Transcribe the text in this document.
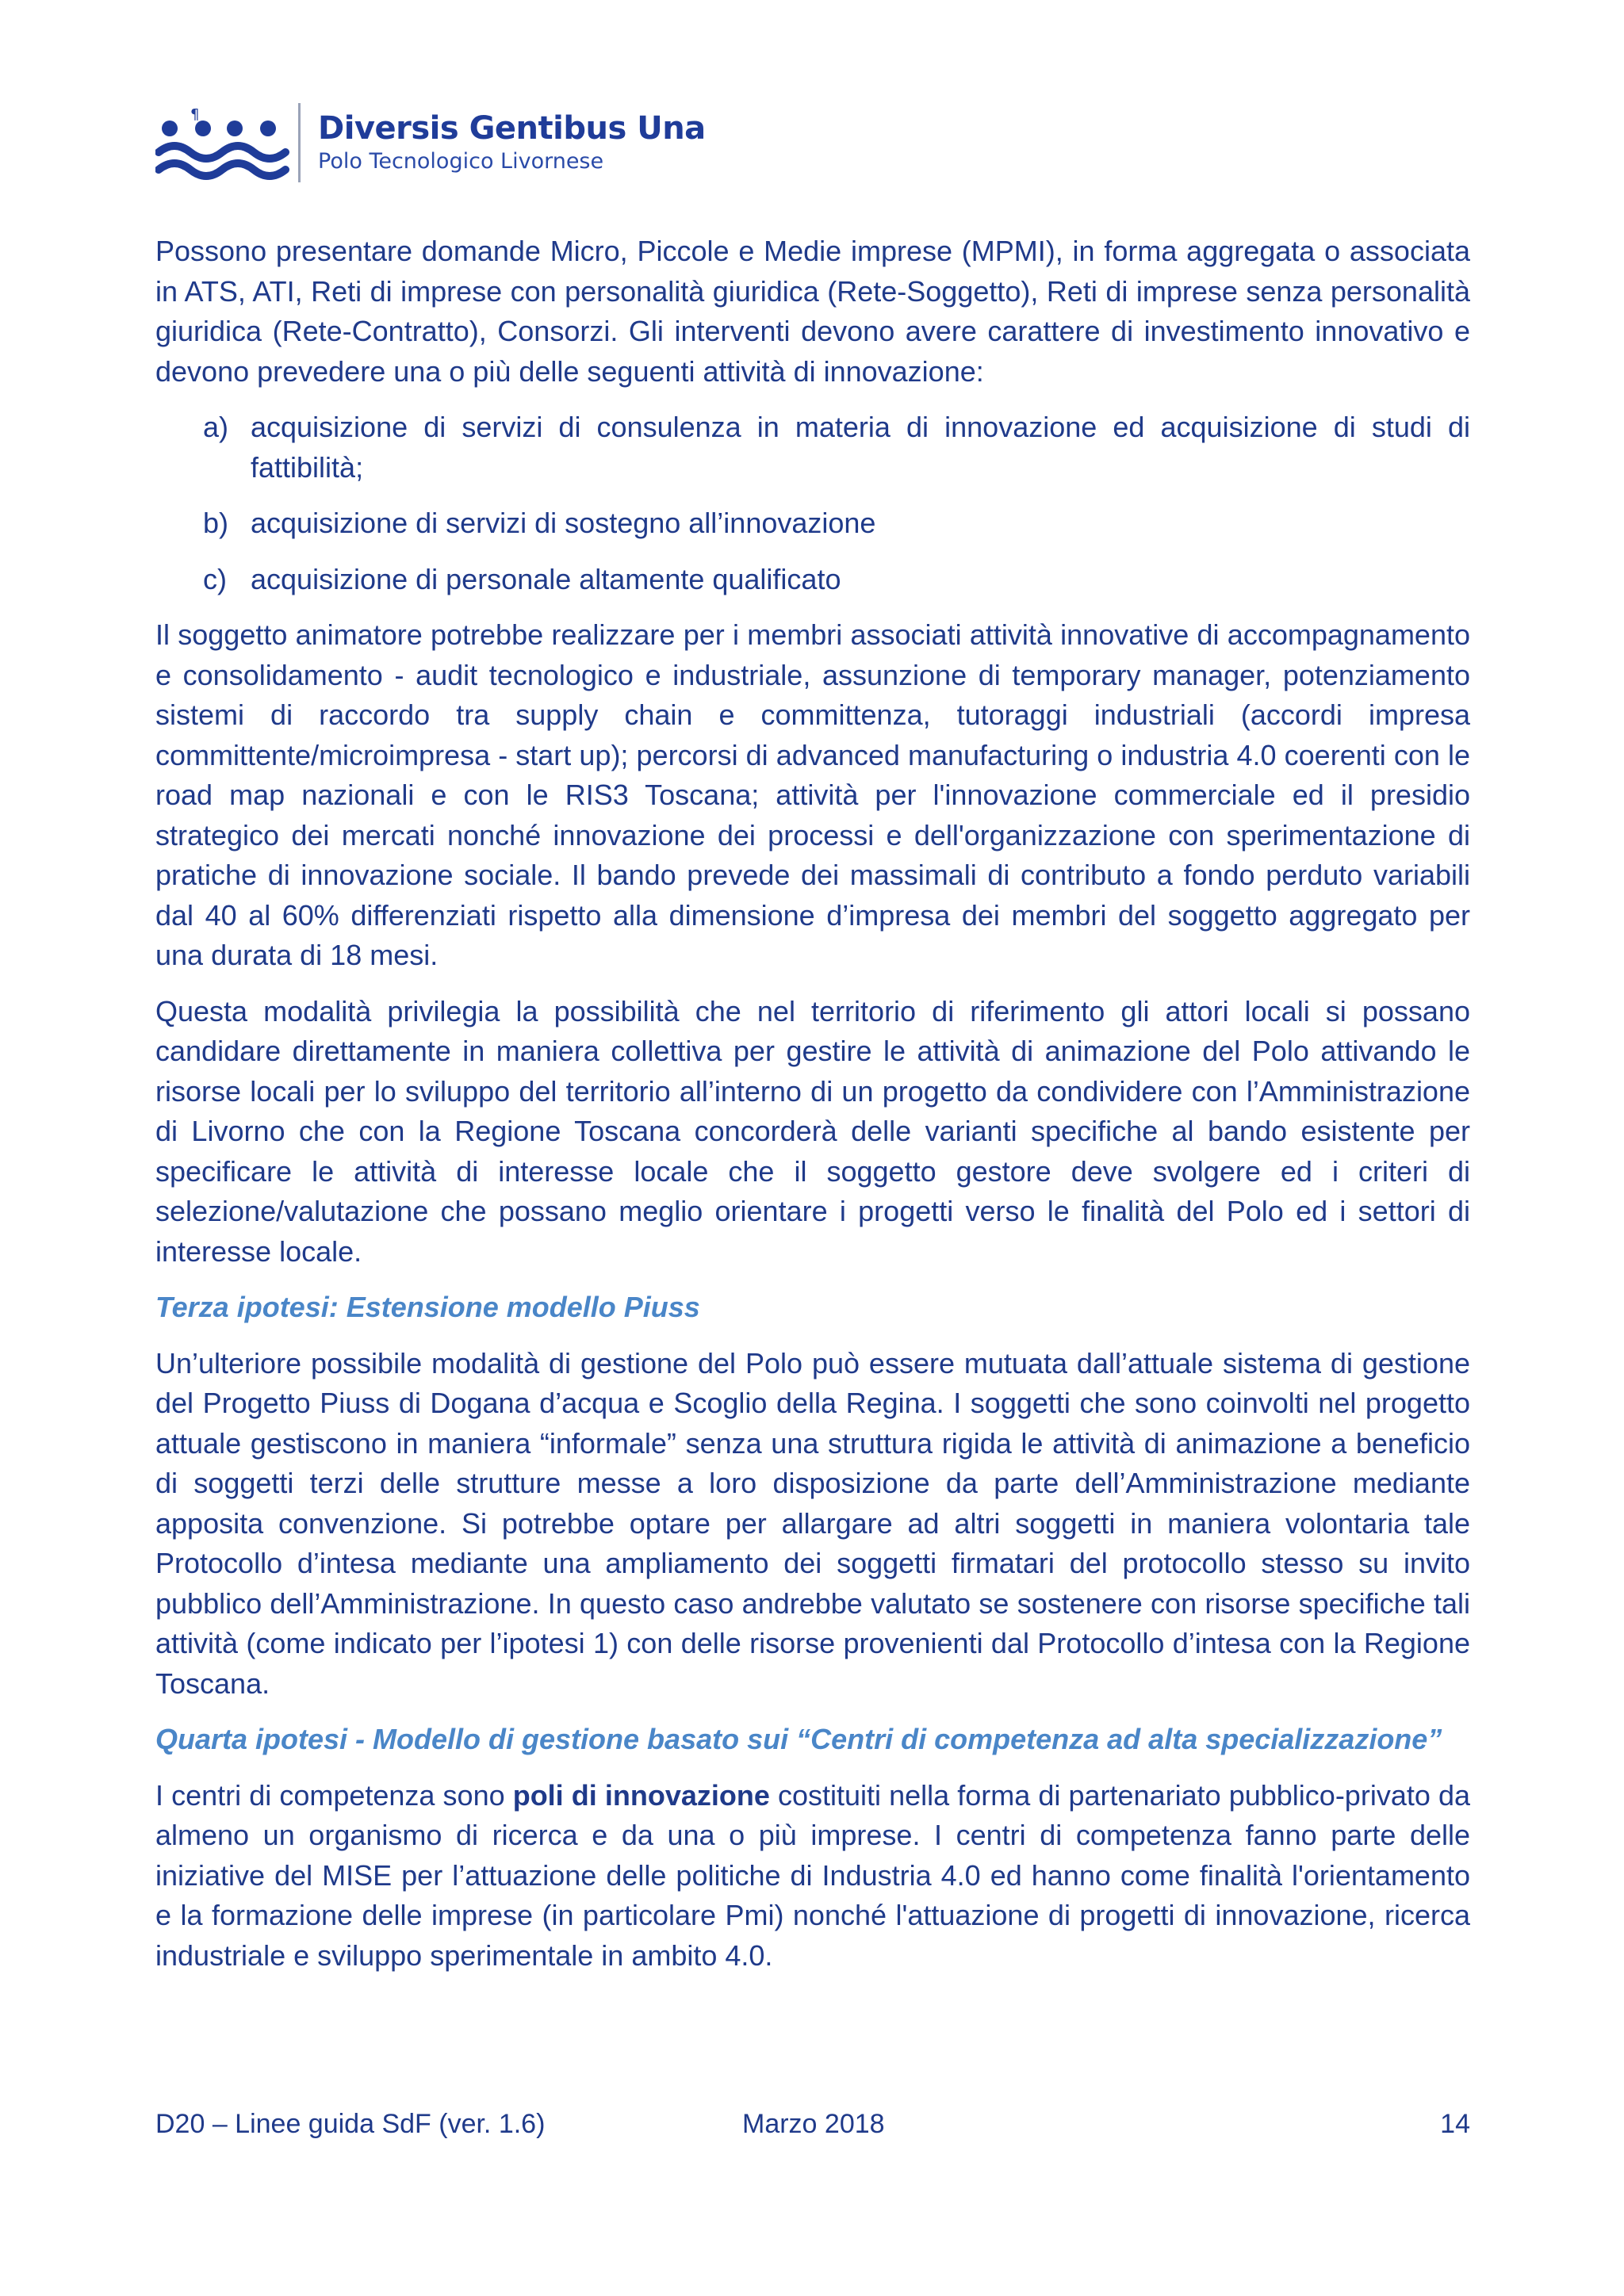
¶	Diversis Gentibus Una
Polo Tecnologico Livornese

Possono presentare domande Micro, Piccole e Medie imprese (MPMI), in forma aggregata o associata in ATS, ATI, Reti di imprese con personalità giuridica (Rete-Soggetto), Reti di imprese senza personalità giuridica (Rete-Contratto), Consorzi. Gli interventi devono avere carattere di investimento innovativo e devono prevedere una o più delle seguenti attività di innovazione:

a) acquisizione di servizi di consulenza in materia di innovazione ed acquisizione di studi di fattibilità;
b) acquisizione di servizi di sostegno all’innovazione
c) acquisizione di personale altamente qualificato

Il soggetto animatore potrebbe realizzare per i membri associati attività innovative di accompagnamento e consolidamento - audit tecnologico e industriale, assunzione di temporary manager, potenziamento sistemi di raccordo tra supply chain e committenza, tutoraggi industriali (accordi impresa committente/microimpresa - start up); percorsi di advanced manufacturing o industria 4.0 coerenti con le road map nazionali e con le RIS3 Toscana; attività per l'innovazione commerciale ed il presidio strategico dei mercati nonché innovazione dei processi e dell'organizzazione con sperimentazione di pratiche di innovazione sociale. Il bando prevede dei massimali di contributo a fondo perduto variabili dal 40 al 60% differenziati rispetto alla dimensione d’impresa dei membri del soggetto aggregato per una durata di 18 mesi.

Questa modalità privilegia la possibilità che nel territorio di riferimento gli attori locali si possano candidare direttamente in maniera collettiva per gestire le attività di animazione del Polo attivando le risorse locali per lo sviluppo del territorio all’interno di un progetto da condividere con l’Amministrazione di Livorno che con la Regione Toscana concorderà delle varianti specifiche al bando esistente per specificare le attività di interesse locale che il soggetto gestore deve svolgere ed i criteri di selezione/valutazione che possano meglio orientare i progetti verso le finalità del Polo ed i settori di interesse locale.

Terza ipotesi: Estensione modello Piuss

Un’ulteriore possibile modalità di gestione del Polo può essere mutuata dall’attuale sistema di gestione del Progetto Piuss di Dogana d’acqua e Scoglio della Regina. I soggetti che sono coinvolti nel progetto attuale gestiscono in maniera “informale” senza una struttura rigida le attività di animazione a beneficio di soggetti terzi delle strutture messe a loro disposizione da parte dell’Amministrazione mediante apposita convenzione. Si potrebbe optare per allargare ad altri soggetti in maniera volontaria tale Protocollo d’intesa mediante una ampliamento dei soggetti firmatari del protocollo stesso su invito pubblico dell’Amministrazione. In questo caso andrebbe valutato se sostenere con risorse specifiche tali attività (come indicato per l’ipotesi 1) con delle risorse provenienti dal Protocollo d’intesa con la Regione Toscana.

Quarta ipotesi - Modello di gestione basato sui “Centri di competenza ad alta specializzazione”

I centri di competenza sono poli di innovazione costituiti nella forma di partenariato pubblico-privato da almeno un organismo di ricerca e da una o più imprese. I centri di competenza fanno parte delle iniziative del MISE per l’attuazione delle politiche di Industria 4.0 ed hanno come finalità l'orientamento e la formazione delle imprese (in particolare Pmi) nonché l'attuazione di progetti di innovazione, ricerca industriale e sviluppo sperimentale in ambito 4.0.

D20 – Linee guida SdF (ver. 1.6)	Marzo 2018	14
